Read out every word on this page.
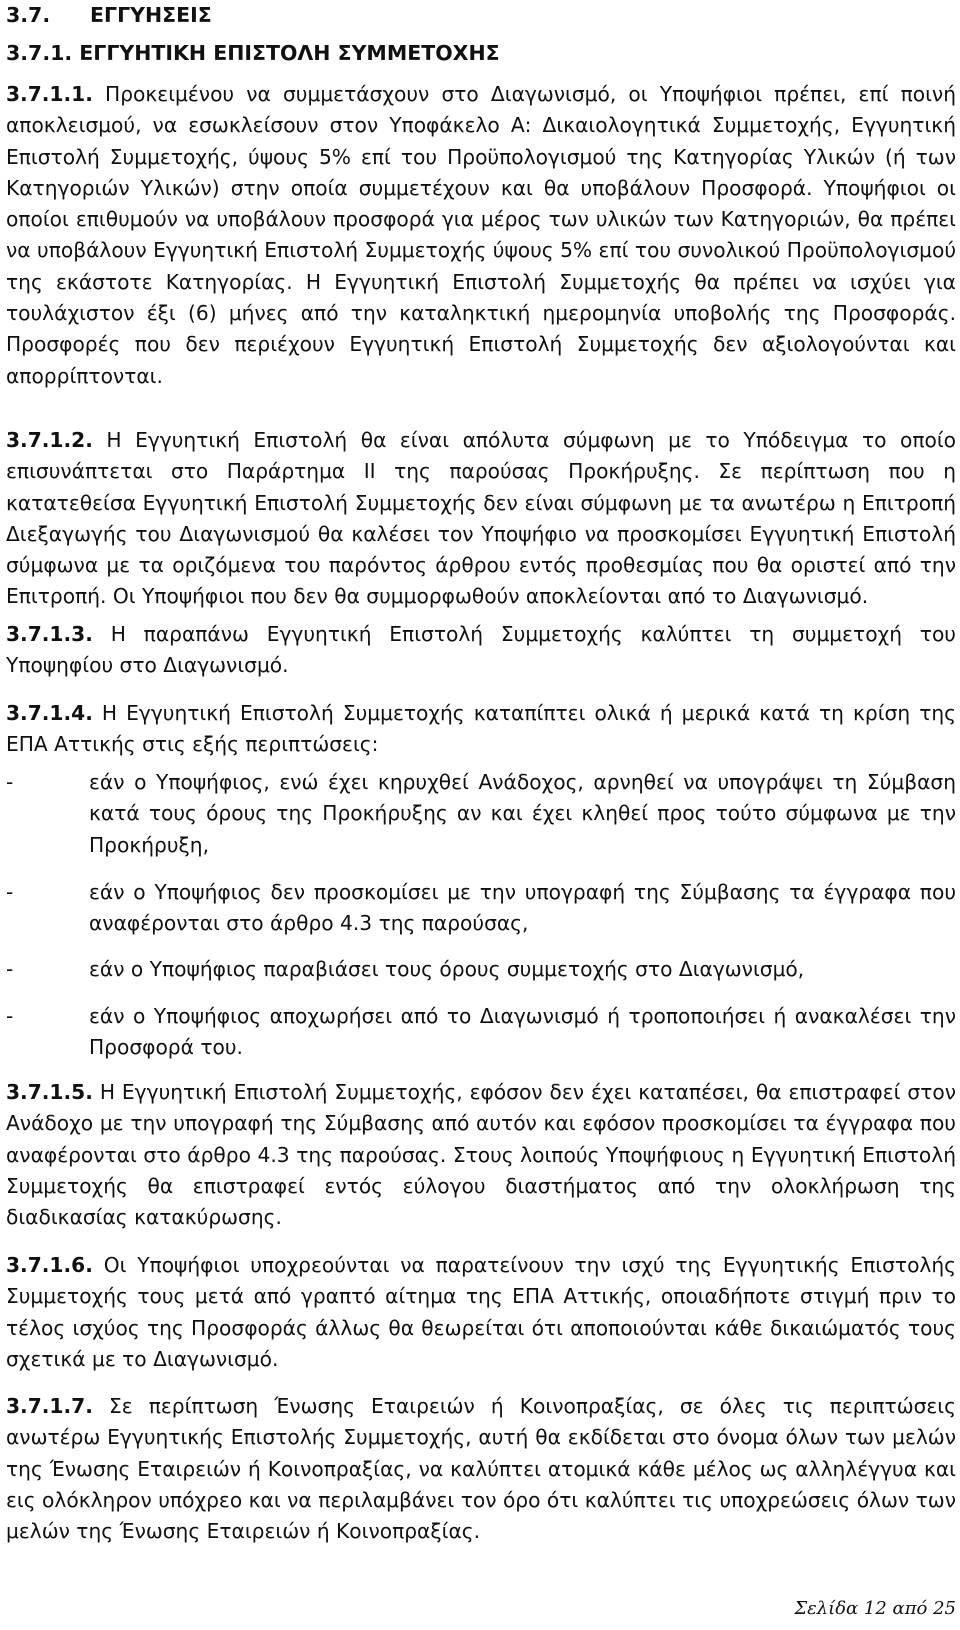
3.7. ΕΓΓΥΗΣΕΙΣ
3.7.1. ΕΓΓΥΗΤΙΚΗ ΕΠΙΣΤΟΛΗ ΣΥΜΜΕΤΟΧΗΣ

3.7.1.1. Προκειμένου να συμμετάσχουν στο Διαγωνισμό, οι Υποψήφιοι πρέπει, επί ποινή αποκλεισμού, να εσωκλείσουν στον Υποφάκελο Α: Δικαιολογητικά Συμμετοχής, Εγγυητική Επιστολή Συμμετοχής, ύψους 5% επί του Προϋπολογισμού της Κατηγορίας Υλικών (ή των Κατηγοριών Υλικών) στην οποία συμμετέχουν και θα υποβάλουν Προσφορά. Υποψήφιοι οι οποίοι επιθυμούν να υποβάλουν προσφορά για μέρος των υλικών των Κατηγοριών, θα πρέπει να υποβάλουν Εγγυητική Επιστολή Συμμετοχής ύψους 5% επί του συνολικού Προϋπολογισμού της εκάστοτε Κατηγορίας. Η Εγγυητική Επιστολή Συμμετοχής θα πρέπει να ισχύει για τουλάχιστον έξι (6) μήνες από την καταληκτική ημερομηνία υποβολής της Προσφοράς. Προσφορές που δεν περιέχουν Εγγυητική Επιστολή Συμμετοχής δεν αξιολογούνται και απορρίπτονται.

3.7.1.2. Η Εγγυητική Επιστολή θα είναι απόλυτα σύμφωνη με το Υπόδειγμα το οποίο επισυνάπτεται στο Παράρτημα ΙΙ της παρούσας Προκήρυξης. Σε περίπτωση που η κατατεθείσα Εγγυητική Επιστολή Συμμετοχής δεν είναι σύμφωνη με τα ανωτέρω η Επιτροπή Διεξαγωγής του Διαγωνισμού θα καλέσει τον Υποψήφιο να προσκομίσει Εγγυητική Επιστολή σύμφωνα με τα οριζόμενα του παρόντος άρθρου εντός προθεσμίας που θα οριστεί από την Επιτροπή. Οι Υποψήφιοι που δεν θα συμμορφωθούν αποκλείονται από το Διαγωνισμό.

3.7.1.3. Η παραπάνω Εγγυητική Επιστολή Συμμετοχής καλύπτει τη συμμετοχή του Υποψηφίου στο Διαγωνισμό.

3.7.1.4. Η Εγγυητική Επιστολή Συμμετοχής καταπίπτει ολικά ή μερικά κατά τη κρίση της ΕΠΑ Αττικής στις εξής περιπτώσεις:

-	εάν ο Υποψήφιος, ενώ έχει κηρυχθεί Ανάδοχος, αρνηθεί να υπογράψει τη Σύμβαση κατά τους όρους της Προκήρυξης αν και έχει κληθεί προς τούτο σύμφωνα με την Προκήρυξη,
-	εάν ο Υποψήφιος δεν προσκομίσει με την υπογραφή της Σύμβασης τα έγγραφα που αναφέρονται στο άρθρο 4.3 της παρούσας,
-	εάν ο Υποψήφιος παραβιάσει τους όρους συμμετοχής στο Διαγωνισμό,
-	εάν ο Υποψήφιος αποχωρήσει από το Διαγωνισμό ή τροποποιήσει ή ανακαλέσει την Προσφορά του.

3.7.1.5. Η Εγγυητική Επιστολή Συμμετοχής, εφόσον δεν έχει καταπέσει, θα επιστραφεί στον Ανάδοχο με την υπογραφή της Σύμβασης από αυτόν και εφόσον προσκομίσει τα έγγραφα που αναφέρονται στο άρθρο 4.3 της παρούσας. Στους λοιπούς Υποψήφιους η Εγγυητική Επιστολή Συμμετοχής θα επιστραφεί εντός εύλογου διαστήματος από την ολοκλήρωση της διαδικασίας κατακύρωσης.

3.7.1.6. Οι Υποψήφιοι υποχρεούνται να παρατείνουν την ισχύ της Εγγυητικής Επιστολής Συμμετοχής τους μετά από γραπτό αίτημα της ΕΠΑ Αττικής, οποιαδήποτε στιγμή πριν το τέλος ισχύος της Προσφοράς άλλως θα θεωρείται ότι αποποιούνται κάθε δικαιώματός τους σχετικά με το Διαγωνισμό.

3.7.1.7. Σε περίπτωση Ένωσης Εταιρειών ή Κοινοπραξίας, σε όλες τις περιπτώσεις ανωτέρω Εγγυητικής Επιστολής Συμμετοχής, αυτή θα εκδίδεται στο όνομα όλων των μελών της Ένωσης Εταιρειών ή Κοινοπραξίας, να καλύπτει ατομικά κάθε μέλος ως αλληλέγγυα και εις ολόκληρον υπόχρεο και να περιλαμβάνει τον όρο ότι καλύπτει τις υποχρεώσεις όλων των μελών της Ένωσης Εταιρειών ή Κοινοπραξίας.

Σελίδα 12 από 25
